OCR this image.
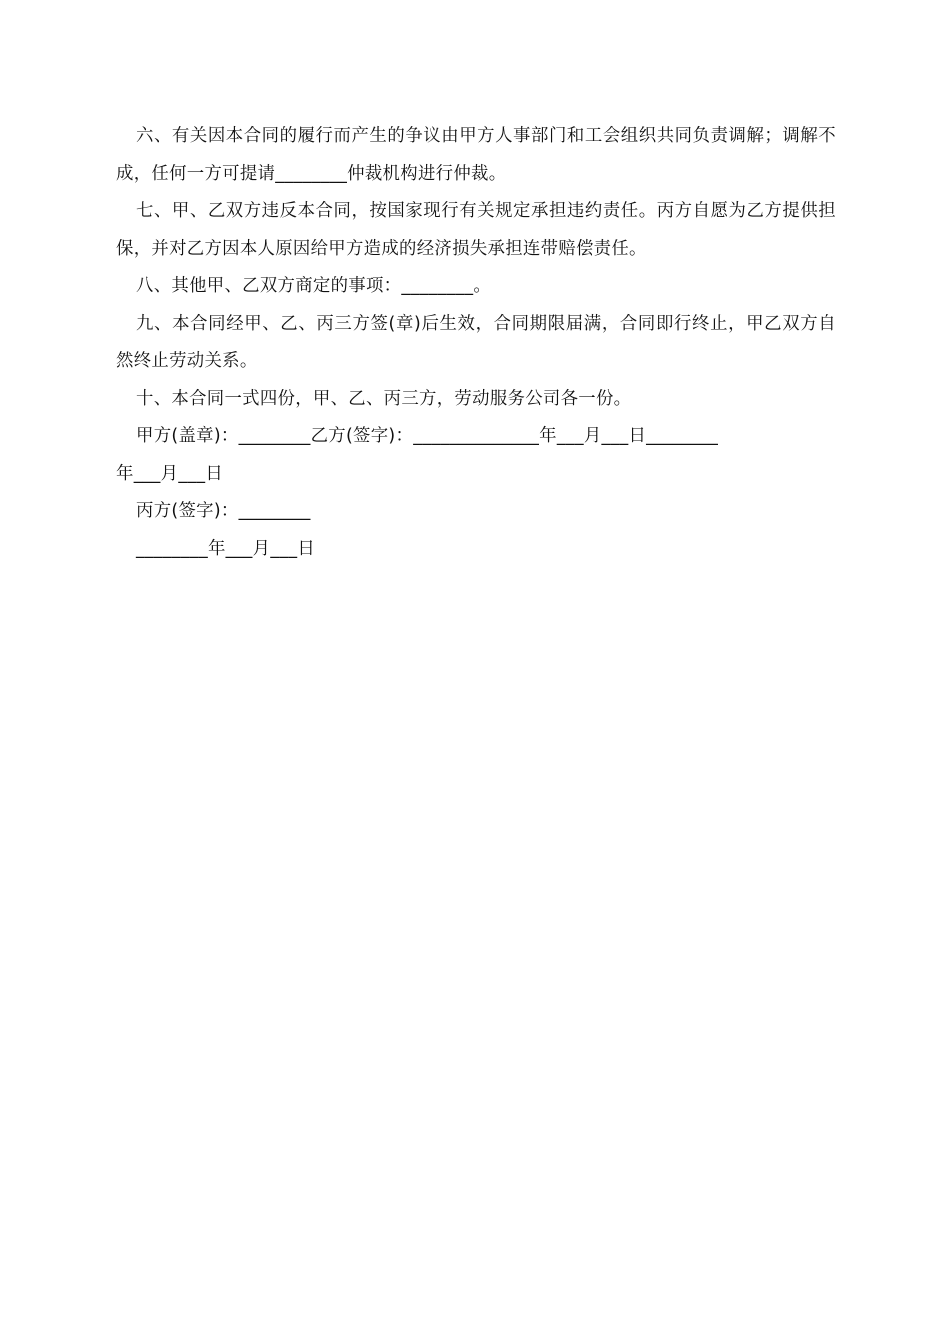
六、有关因本合同的履行而产生的争议由甲方人事部门和工会组织共同负责调解；调解不成，任何一方可提请________仲裁机构进行仲裁。

七、甲、乙双方违反本合同，按国家现行有关规定承担违约责任。丙方自愿为乙方提供担保，并对乙方因本人原因给甲方造成的经济损失承担连带赔偿责任。

八、其他甲、乙双方商定的事项：________。

九、本合同经甲、乙、丙三方签(章)后生效，合同期限届满，合同即行终止，甲乙双方自然终止劳动关系。

十、本合同一式四份，甲、乙、丙三方，劳动服务公司各一份。

甲方(盖章)：________乙方(签字)：______________年___月___日________

年___月___日

丙方(签字)：________

________年___月___日
